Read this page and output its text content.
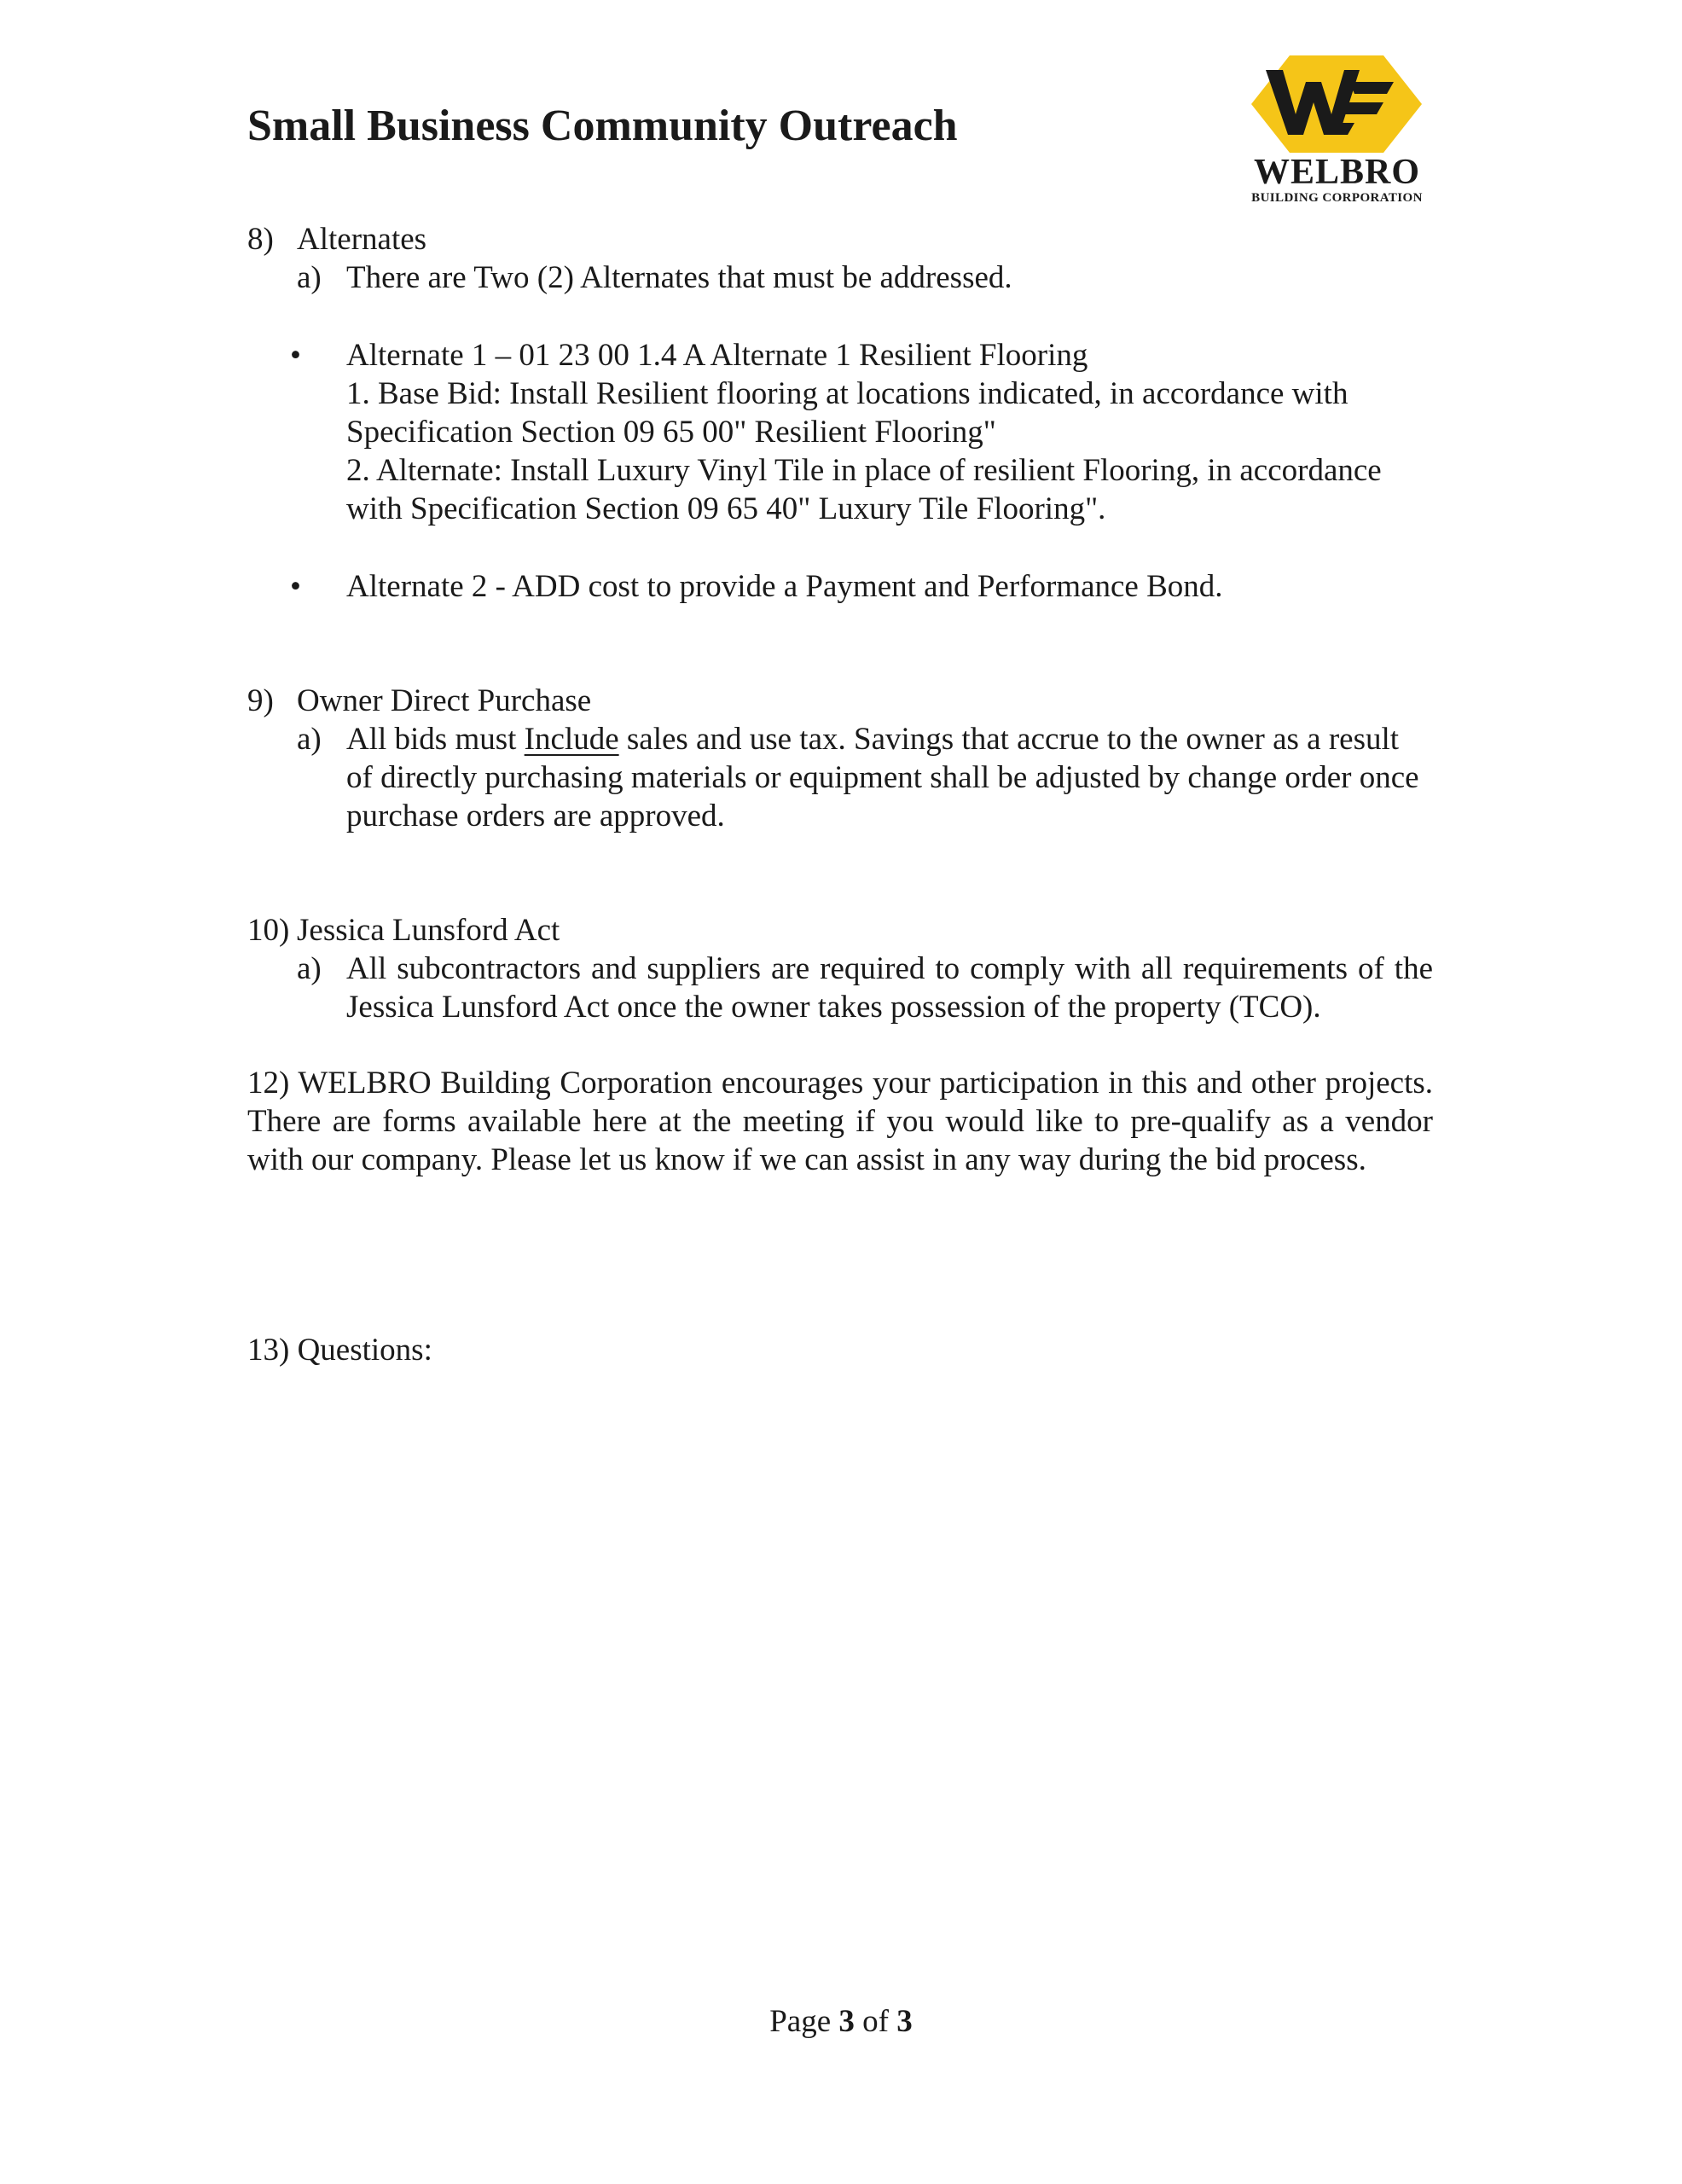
Small Business Community Outreach
WELBRO
BUILDING CORPORATION
8) Alternates
a) There are Two (2) Alternates that must be addressed.
•	Alternate 1 – 01 23 00 1.4 A Alternate 1 Resilient Flooring

1. Base Bid: Install Resilient flooring at locations indicated, in accordance with Specification Section 09 65 00" Resilient Flooring"

2. Alternate: Install Luxury Vinyl Tile in place of resilient Flooring, in accordance with Specification Section 09 65 40" Luxury Tile Flooring".

•	Alternate 2 - ADD cost to provide a Payment and Performance Bond.

9) Owner Direct Purchase
a) All bids must Include sales and use tax. Savings that accrue to the owner as a result of directly purchasing materials or equipment shall be adjusted by change order once purchase orders are approved.

10) Jessica Lunsford Act
a) All subcontractors and suppliers are required to comply with all requirements of the Jessica Lunsford Act once the owner takes possession of the property (TCO).

12) WELBRO Building Corporation encourages your participation in this and other projects. There are forms available here at the meeting if you would like to pre-qualify as a vendor with our company. Please let us know if we can assist in any way during the bid process.

13) Questions:

Page 3 of 3
